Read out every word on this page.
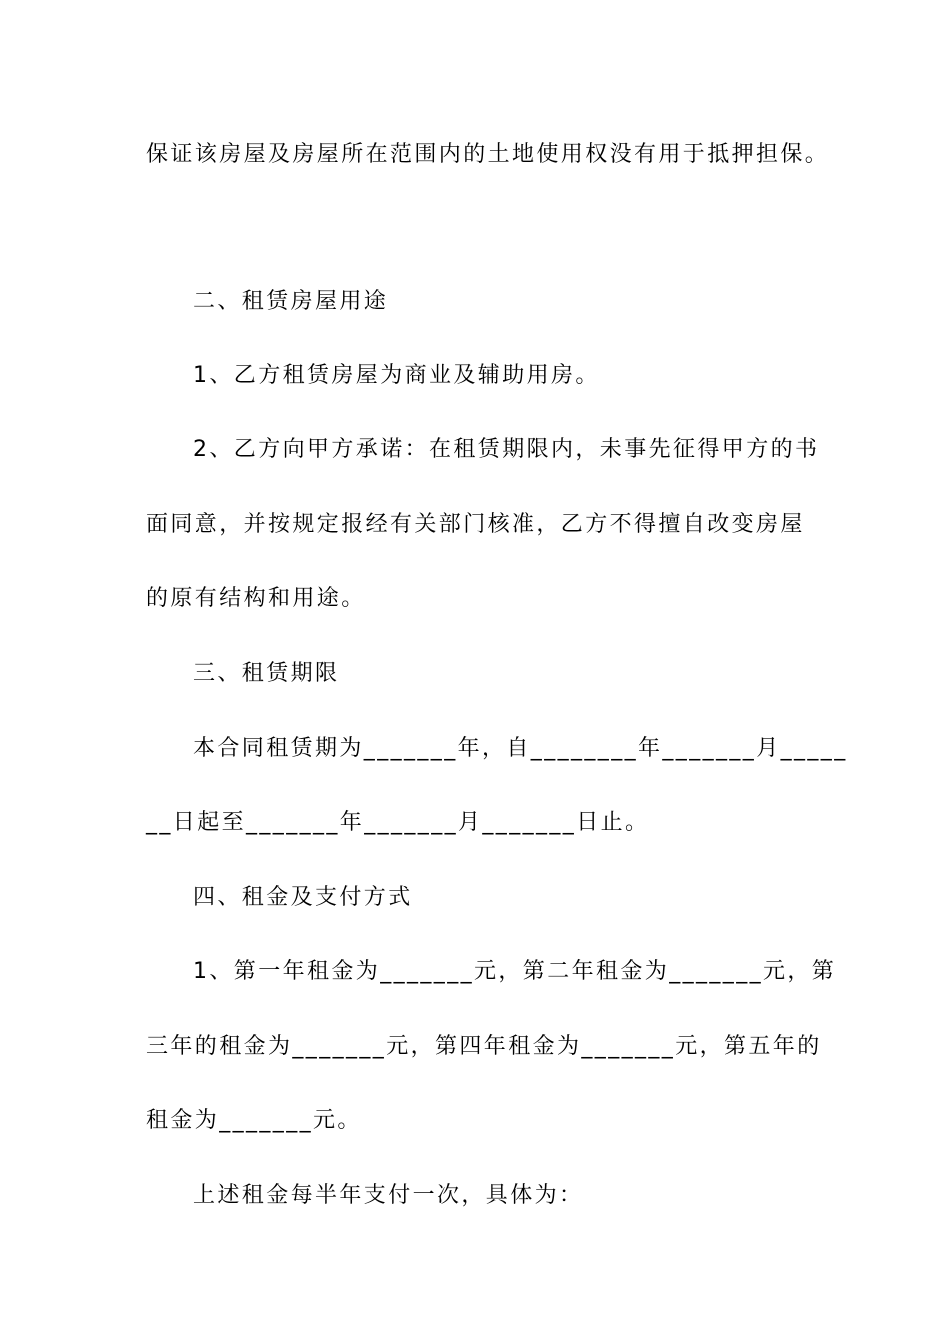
保证该房屋及房屋所在范围内的土地使用权没有用于抵押担保。
二、租赁房屋用途
1、乙方租赁房屋为商业及辅助用房。
2、乙方向甲方承诺：在租赁期限内，未事先征得甲方的书
面同意，并按规定报经有关部门核准，乙方不得擅自改变房屋
的原有结构和用途。
三、租赁期限
本合同租赁期为_______年，自________年_______月_____
__日起至_______年_______月_______日止。
四、租金及支付方式
1、第一年租金为_______元，第二年租金为_______元，第
三年的租金为_______元，第四年租金为_______元，第五年的
租金为_______元。
上述租金每半年支付一次，具体为：
